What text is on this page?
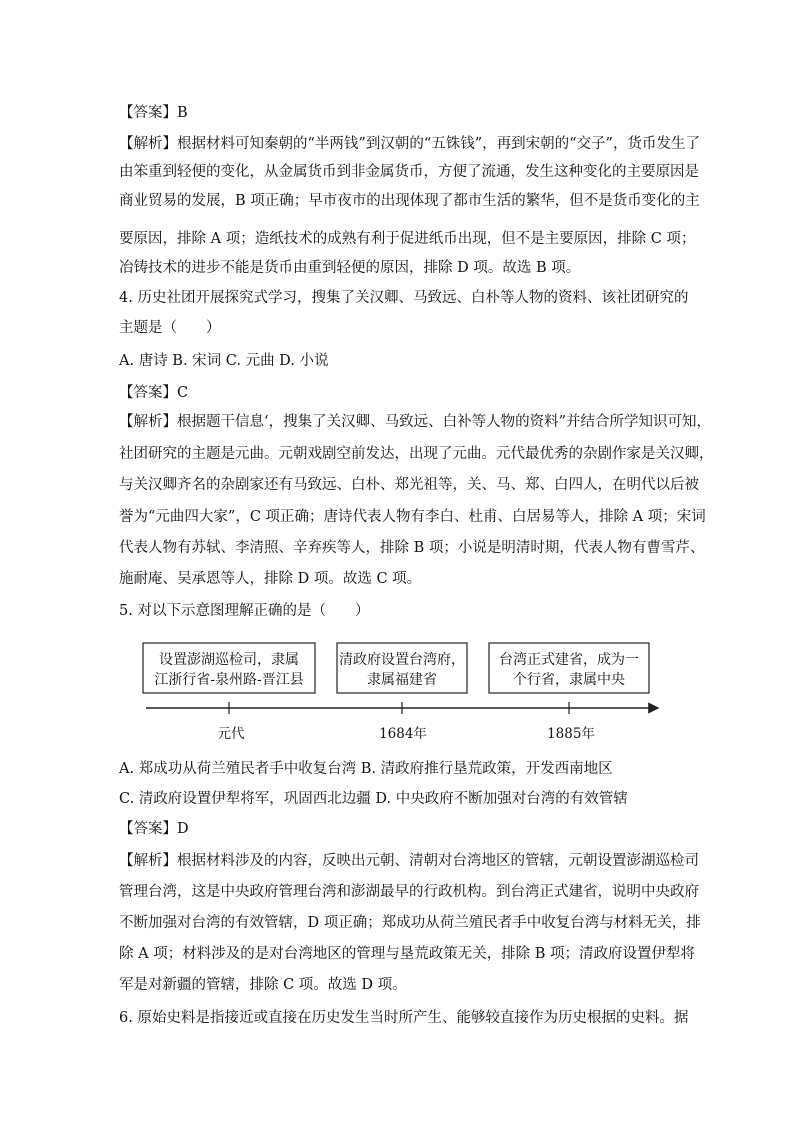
【答案】B
【解析】根据材料可知秦朝的“半两钱”到汉朝的“五铢钱”，再到宋朝的“交子”，货币发生了
由笨重到轻便的变化，从金属货币到非金属货币，方便了流通，发生这种变化的主要原因是
商业贸易的发展，B 项正确；早市夜市的出现体现了都市生活的繁华，但不是货币变化的主
要原因，排除 A 项；造纸技术的成熟有利于促进纸币出现，但不是主要原因，排除 C 项；
冶铸技术的进步不能是货币由重到轻便的原因，排除 D 项。故选 B 项。
4. 历史社团开展探究式学习，搜集了关汉卿、马致远、白朴等人物的资料、该社团研究的
主题是（　　）
A. 唐诗 B. 宋词 C. 元曲 D. 小说
【答案】C
【解析】根据题干信息‘，搜集了关汉卿、马致远、白补等人物的资料”并结合所学知识可知，
社团研究的主题是元曲。元朝戏剧空前发达，出现了元曲。元代最优秀的杂剧作家是关汉卿，
与关汉卿齐名的杂剧家还有马致远、白朴、郑光祖等，关、马、郑、白四人，在明代以后被
誉为“元曲四大家”，C 项正确；唐诗代表人物有李白、杜甫、白居易等人，排除 A 项；宋词
代表人物有苏轼、李清照、辛弃疾等人，排除 B 项；小说是明清时期，代表人物有曹雪芹、
施耐庵、吴承恩等人，排除 D 项。故选 C 项。
5. 对以下示意图理解正确的是（　　）
设置澎湖巡检司，隶属
江浙行省-泉州路-晋江县
清政府设置台湾府，
隶属福建省
台湾正式建省，成为一
个行省，隶属中央
元代	1684年	1885年
A. 郑成功从荷兰殖民者手中收复台湾 B. 清政府推行垦荒政策，开发西南地区
C. 清政府设置伊犁将军，巩固西北边疆 D. 中央政府不断加强对台湾的有效管辖
【答案】D
【解析】根据材料涉及的内容，反映出元朝、清朝对台湾地区的管辖，元朝设置澎湖巡检司
管理台湾，这是中央政府管理台湾和澎湖最早的行政机构。到台湾正式建省，说明中央政府
不断加强对台湾的有效管辖，D 项正确；郑成功从荷兰殖民者手中收复台湾与材料无关，排
除 A 项；材料涉及的是对台湾地区的管理与垦荒政策无关，排除 B 项；清政府设置伊犁将
军是对新疆的管辖，排除 C 项。故选 D 项。
6. 原始史料是指接近或直接在历史发生当时所产生、能够较直接作为历史根据的史料。据
